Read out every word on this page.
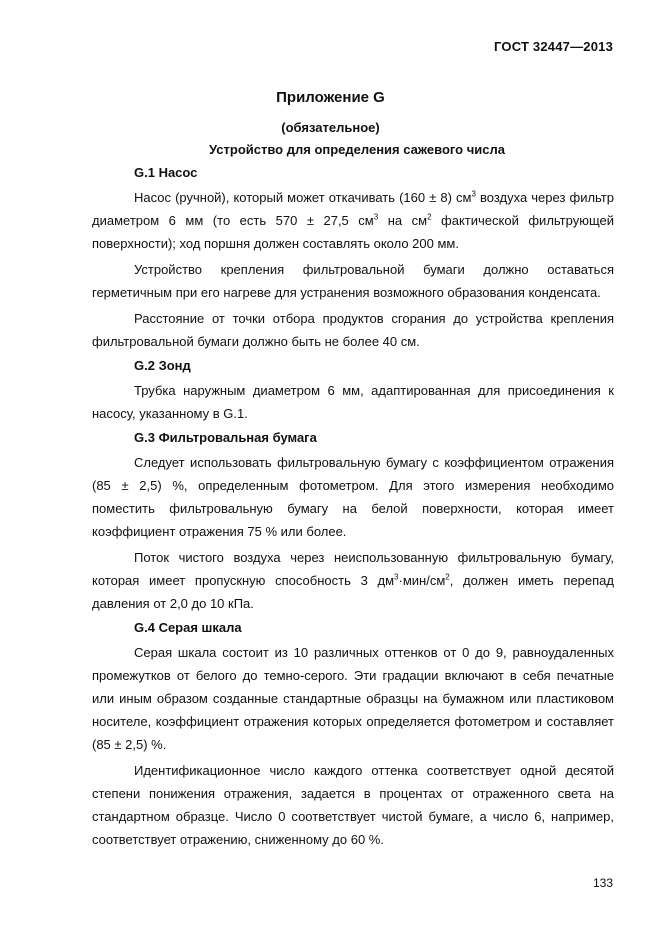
ГОСТ 32447—2013
Приложение G
(обязательное)
Устройство для определения сажевого числа
G.1 Насос

Насос (ручной), который может откачивать (160 ± 8) $см^3$ воздуха через фильтр диаметром 6 мм (то есть 570 ± 27,5 $см^3$ на $см^2$ фактической фильтрующей поверхности); ход поршня должен составлять около 200 мм.

Устройство крепления фильтровальной бумаги должно оставаться герметичным при его нагреве для устранения возможного образования конденсата.

Расстояние от точки отбора продуктов сгорания до устройства крепления фильтровальной бумаги должно быть не более 40 см.

G.2 Зонд

Трубка наружным диаметром 6 мм, адаптированная для присоединения к насосу, указанному в G.1.

G.3 Фильтровальная бумага

Следует использовать фильтровальную бумагу с коэффициентом отражения (85 ± 2,5) %, определенным фотометром. Для этого измерения необходимо поместить фильтровальную бумагу на белой поверхности, которая имеет коэффициент отражения 75 % или более.

Поток чистого воздуха через неиспользованную фильтровальную бумагу, которая имеет пропускную способность 3 $дм^3\cdot мин/см^2$, должен иметь перепад давления от 2,0 до 10 кПа.

G.4 Серая шкала

Серая шкала состоит из 10 различных оттенков от 0 до 9, равноудаленных промежутков от белого до темно-серого. Эти градации включают в себя печатные или иным образом созданные стандартные образцы на бумажном или пластиковом носителе, коэффициент отражения которых определяется фотометром и составляет (85 ± 2,5) %.

Идентификационное число каждого оттенка соответствует одной десятой степени понижения отражения, задается в процентах от отраженного света на стандартном образце. Число 0 соответствует чистой бумаге, а число 6, например, соответствует отражению, сниженному до 60 %.

133
